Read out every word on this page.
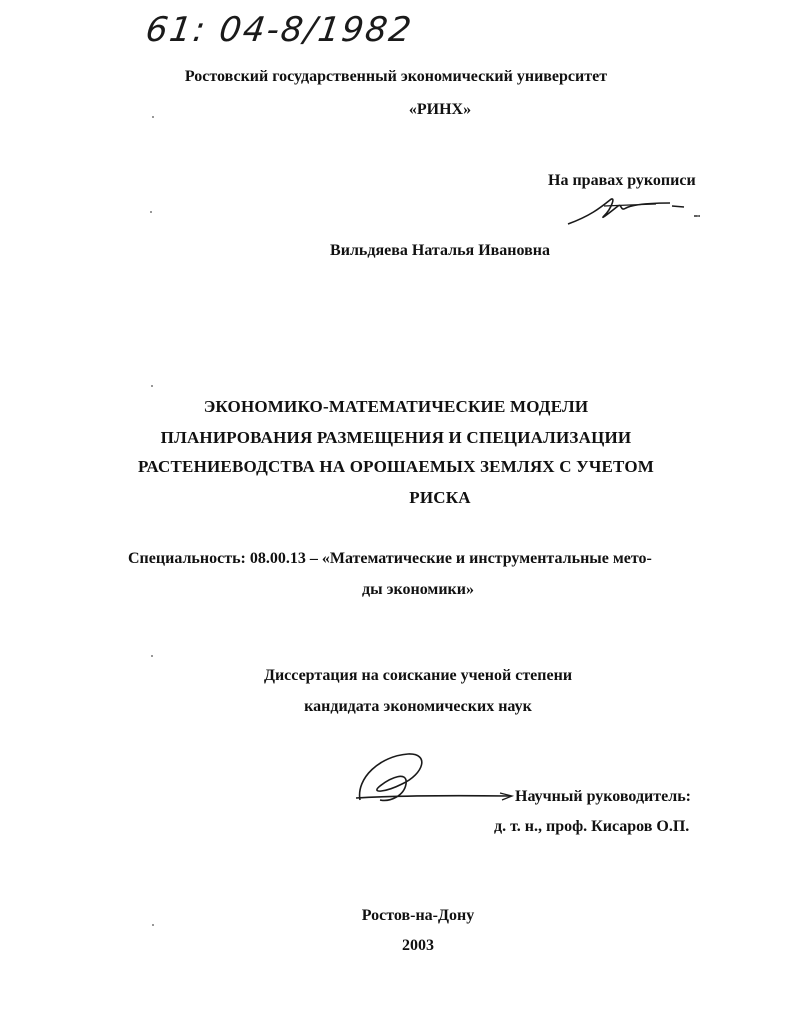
61: 04-8/1982
Ростовский государственный экономический университет
«РИНХ»
На правах рукописи
Вильдяева Наталья Ивановна
ЭКОНОМИКО-МАТЕМАТИЧЕСКИЕ МОДЕЛИ
ПЛАНИРОВАНИЯ РАЗМЕЩЕНИЯ И СПЕЦИАЛИЗАЦИИ
РАСТЕНИЕВОДСТВА НА ОРОШАЕМЫХ ЗЕМЛЯХ С УЧЕТОМ
РИСКА
Специальность: 08.00.13 – «Математические и инструментальные мето-
ды экономики»
Диссертация на соискание ученой степени
кандидата экономических наук
Научный руководитель:
д. т. н., проф. Кисаров О.П.
Ростов-на-Дону
2003
